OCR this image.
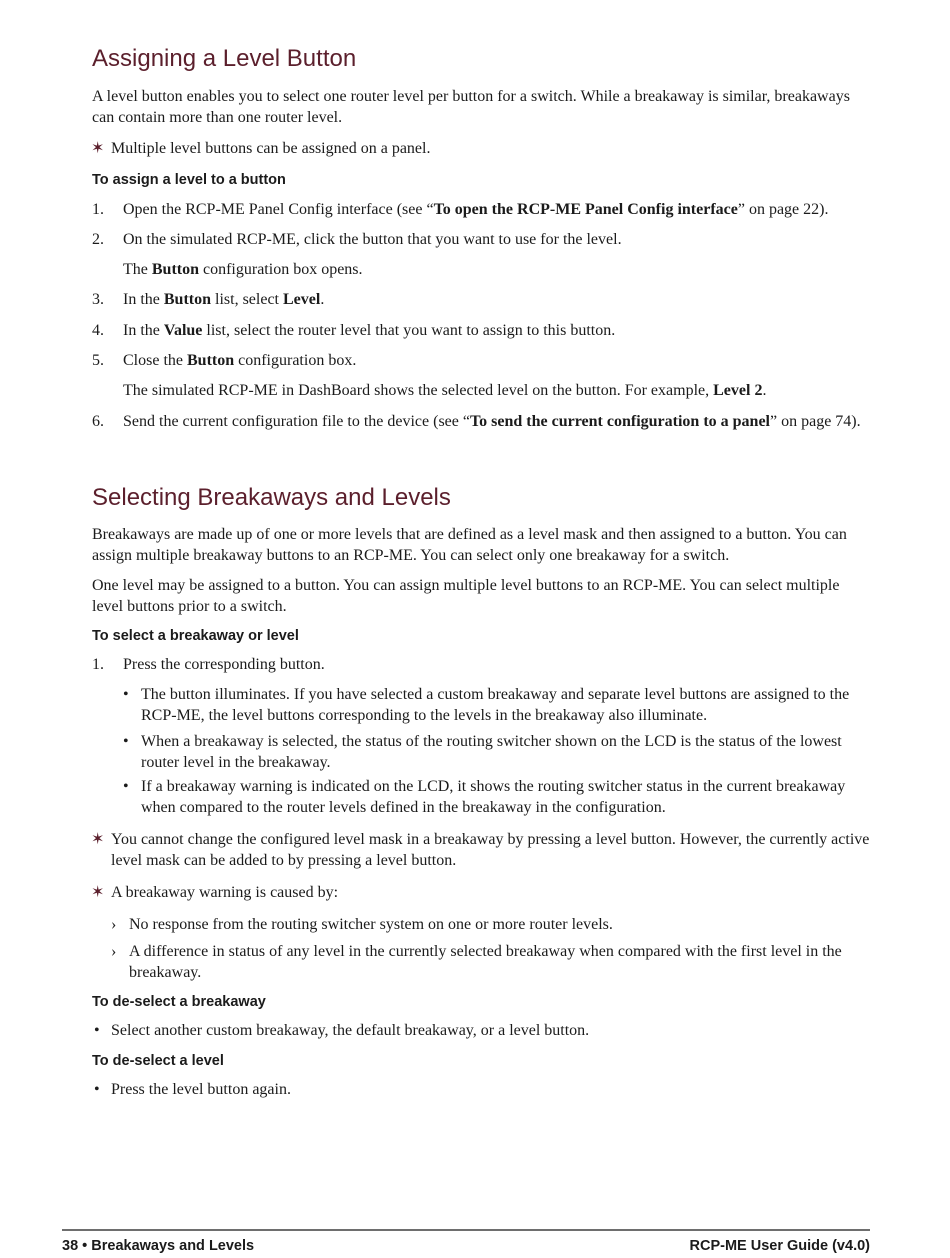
Assigning a Level Button

A level button enables you to select one router level per button for a switch. While a breakaway is similar, breakaways can contain more than one router level.

✶ Multiple level buttons can be assigned on a panel.
To assign a level to a button
1. Open the RCP-ME Panel Config interface (see “To open the RCP-ME Panel Config interface” on page 22).
2. On the simulated RCP-ME, click the button that you want to use for the level.
The Button configuration box opens.
3. In the Button list, select Level.
4. In the Value list, select the router level that you want to assign to this button.
5. Close the Button configuration box.
The simulated RCP-ME in DashBoard shows the selected level on the button. For example, Level 2.
6. Send the current configuration file to the device (see “To send the current configuration to a panel” on page 74).
Selecting Breakaways and Levels

Breakaways are made up of one or more levels that are defined as a level mask and then assigned to a button. You can assign multiple breakaway buttons to an RCP-ME. You can select only one breakaway for a switch.

One level may be assigned to a button. You can assign multiple level buttons to an RCP-ME. You can select multiple level buttons prior to a switch.

To select a breakaway or level
1. Press the corresponding button.
• The button illuminates. If you have selected a custom breakaway and separate level buttons are assigned to the RCP-ME, the level buttons corresponding to the levels in the breakaway also illuminate.
• When a breakaway is selected, the status of the routing switcher shown on the LCD is the status of the lowest router level in the breakaway.
• If a breakaway warning is indicated on the LCD, it shows the routing switcher status in the current breakaway when compared to the router levels defined in the breakaway in the configuration.
✶ You cannot change the configured level mask in a breakaway by pressing a level button. However, the currently active level mask can be added to by pressing a level button.
✶ A breakaway warning is caused by:
› No response from the routing switcher system on one or more router levels.
› A difference in status of any level in the currently selected breakaway when compared with the first level in the breakaway.
To de-select a breakaway
• Select another custom breakaway, the default breakaway, or a level button.
To de-select a level
• Press the level button again.
38 • Breakaways and Levels	RCP-ME User Guide (v4.0)
